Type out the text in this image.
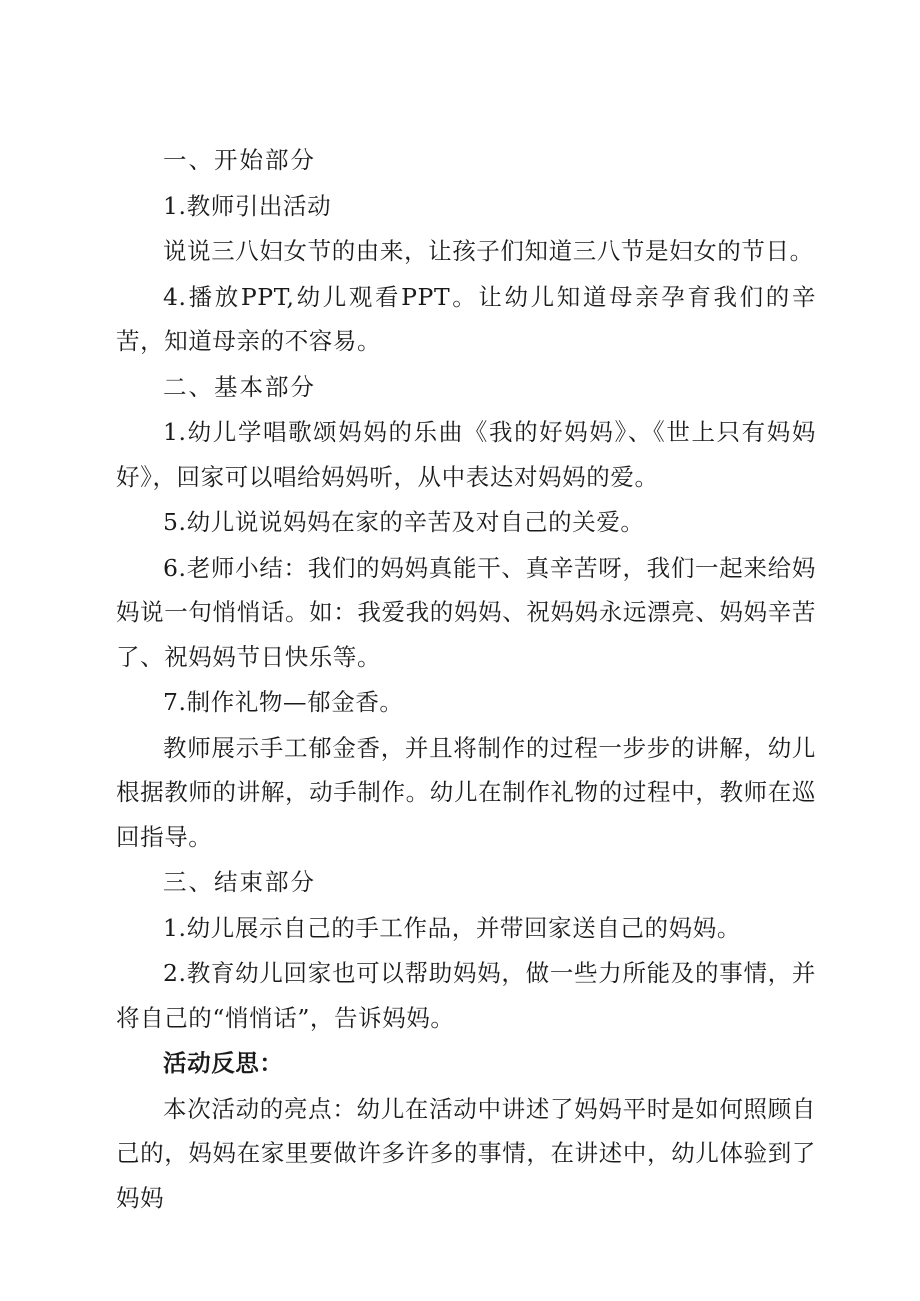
一、开始部分

1.教师引出活动

说说三八妇女节的由来，让孩子们知道三八节是妇女的节日。

4.播放PPT,幼儿观看PPT。让幼儿知道母亲孕育我们的辛苦，知道母亲的不容易。

二、基本部分

1.幼儿学唱歌颂妈妈的乐曲《我的好妈妈》、《世上只有妈妈好》，回家可以唱给妈妈听，从中表达对妈妈的爱。

5.幼儿说说妈妈在家的辛苦及对自己的关爱。

6.老师小结：我们的妈妈真能干、真辛苦呀，我们一起来给妈妈说一句悄悄话。如：我爱我的妈妈、祝妈妈永远漂亮、妈妈辛苦了、祝妈妈节日快乐等。

7.制作礼物—郁金香。

教师展示手工郁金香，并且将制作的过程一步步的讲解，幼儿根据教师的讲解，动手制作。幼儿在制作礼物的过程中，教师在巡回指导。

三、结束部分

1.幼儿展示自己的手工作品，并带回家送自己的妈妈。

2.教育幼儿回家也可以帮助妈妈，做一些力所能及的事情，并将自己的“悄悄话”，告诉妈妈。

活动反思：

本次活动的亮点：幼儿在活动中讲述了妈妈平时是如何照顾自己的，妈妈在家里要做许多许多的事情，在讲述中，幼儿体验到了妈妈
